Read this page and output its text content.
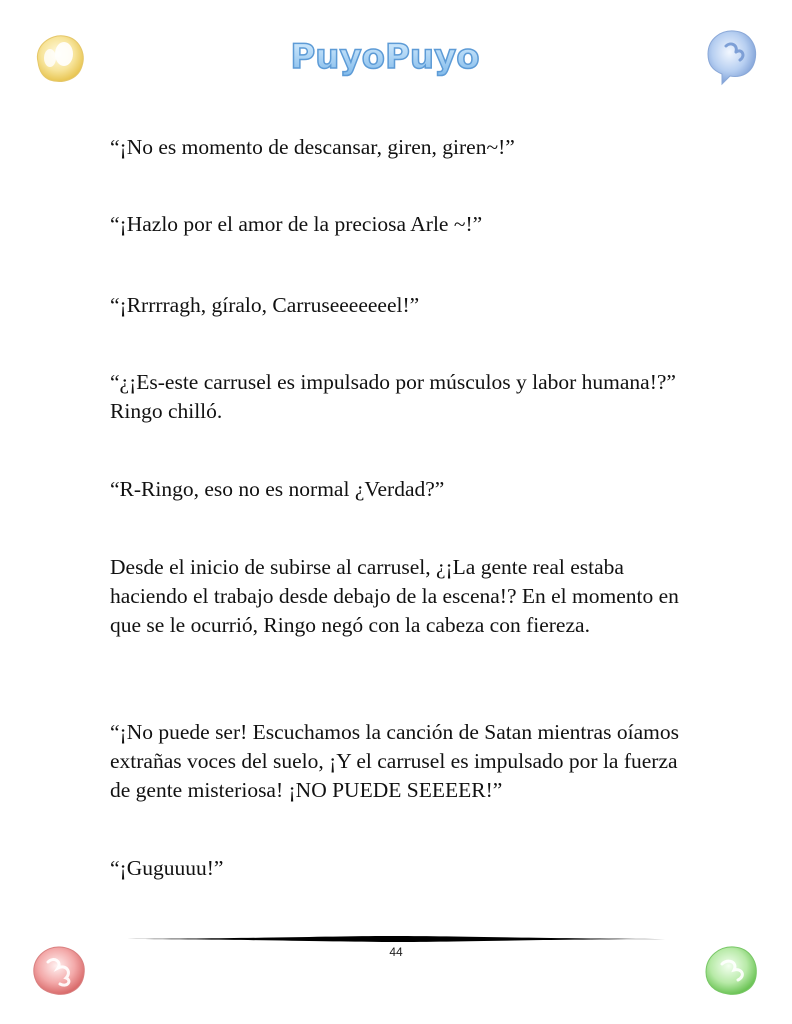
PuyoPuyo

“¡No es momento de descansar, giren, giren~!”

“¡Hazlo por el amor de la preciosa Arle ~!”

“¡Rrrrragh, gíralo, Carruseeeeeeel!”

“¿¡Es-este carrusel es impulsado por músculos y labor humana!?” Ringo chilló.

“R-Ringo, eso no es normal ¿Verdad?”

Desde el inicio de subirse al carrusel, ¿¡La gente real estaba haciendo el trabajo desde debajo de la escena!? En el momento en que se le ocurrió, Ringo negó con la cabeza con fiereza.

“¡No puede ser! Escuchamos la canción de Satan mientras oíamos extrañas voces del suelo, ¡Y el carrusel es impulsado por la fuerza de gente misteriosa! ¡NO PUEDE SEEEER!”

“¡Guguuuu!”

44
